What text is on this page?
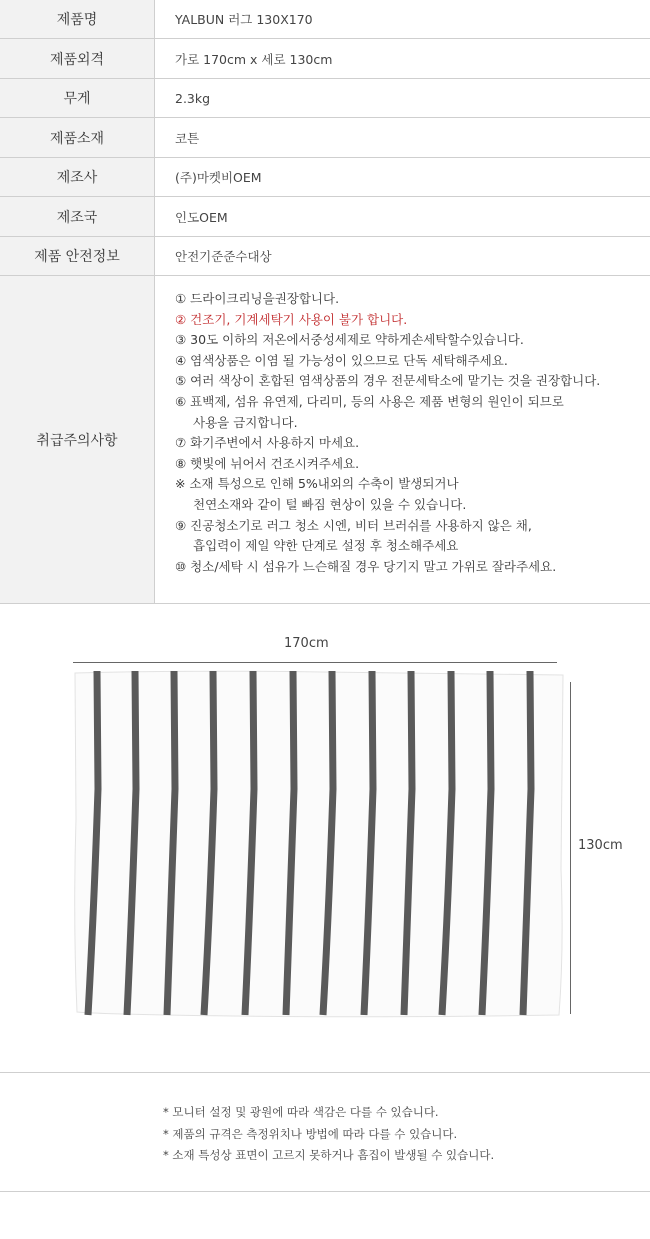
제품명	YALBUN 러그 130X170
제품외격	가로 170cm x 세로 130cm
무게	2.3kg
제품소재	코튼
제조사	(주)마켓비OEM
제조국	인도OEM
제품 안전정보	안전기준준수대상
취급주의사항
① 드라이크리닝을권장합니다.
② 건조기, 기계세탁기 사용이 불가 합니다.
③ 30도 이하의 저온에서중성세제로 약하게손세탁할수있습니다.
④ 염색상품은 이염 될 가능성이 있으므로 단독 세탁해주세요.
⑤ 여러 색상이 혼합된 염색상품의 경우 전문세탁소에 맡기는 것을 권장합니다.
⑥ 표백제, 섬유 유연제, 다리미, 등의 사용은 제품 변형의 원인이 되므로
사용을 금지합니다.
⑦ 화기주변에서 사용하지 마세요.
⑧ 햇빛에 뉘어서 건조시켜주세요.
※ 소재 특성으로 인해 5%내외의 수축이 발생되거나
천연소재와 같이 털 빠짐 현상이 있을 수 있습니다.
⑨ 진공청소기로 러그 청소 시엔, 비터 브러쉬를 사용하지 않은 채,
흡입력이 제일 약한 단계로 설정 후 청소해주세요
⑩ 청소/세탁 시 섬유가 느슨해질 경우 당기지 말고 가위로 잘라주세요.
170cm
130cm
* 모니터 설정 및 광원에 따라 색감은 다를 수 있습니다.
* 제품의 규격은 측정위치나 방법에 따라 다를 수 있습니다.
* 소재 특성상 표면이 고르지 못하거나 흠집이 발생될 수 있습니다.
